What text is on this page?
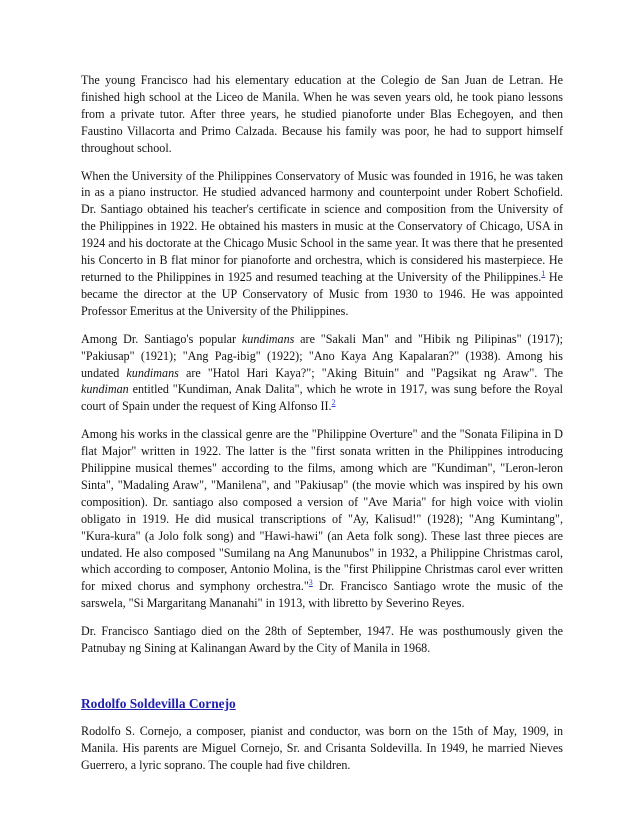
The young Francisco had his elementary education at the Colegio de San Juan de Letran. He finished high school at the Liceo de Manila. When he was seven years old, he took piano lessons from a private tutor. After three years, he studied pianoforte under Blas Echegoyen, and then Faustino Villacorta and Primo Calzada. Because his family was poor, he had to support himself throughout school.

When the University of the Philippines Conservatory of Music was founded in 1916, he was taken in as a piano instructor. He studied advanced harmony and counterpoint under Robert Schofield. Dr. Santiago obtained his teacher's certificate in science and composition from the University of the Philippines in 1922. He obtained his masters in music at the Conservatory of Chicago, USA in 1924 and his doctorate at the Chicago Music School in the same year. It was there that he presented his Concerto in B flat minor for pianoforte and orchestra, which is considered his masterpiece. He returned to the Philippines in 1925 and resumed teaching at the University of the Philippines.$^1$ He became the director at the UP Conservatory of Music from 1930 to 1946. He was appointed Professor Emeritus at the University of the Philippines.

Among Dr. Santiago's popular kundimans are "Sakali Man" and "Hibik ng Pilipinas" (1917); "Pakiusap" (1921); "Ang Pag-ibig" (1922); "Ano Kaya Ang Kapalaran?" (1938). Among his undated kundimans are "Hatol Hari Kaya?"; "Aking Bituin" and "Pagsikat ng Araw". The kundiman entitled "Kundiman, Anak Dalita", which he wrote in 1917, was sung before the Royal court of Spain under the request of King Alfonso II.$^2$

Among his works in the classical genre are the "Philippine Overture" and the "Sonata Filipina in D flat Major" written in 1922. The latter is the "first sonata written in the Philippines introducing Philippine musical themes" according to the films, among which are "Kundiman", "Leron-leron Sinta", "Madaling Araw", "Manilena", and "Pakiusap" (the movie which was inspired by his own composition). Dr. santiago also composed a version of "Ave Maria" for high voice with violin obligato in 1919. He did musical transcriptions of "Ay, Kalisud!" (1928); "Ang Kumintang", "Kura-kura" (a Jolo folk song) and "Hawi-hawi" (an Aeta folk song). These last three pieces are undated. He also composed "Sumilang na Ang Manunubos" in 1932, a Philippine Christmas carol, which according to composer, Antonio Molina, is the "first Philippine Christmas carol ever written for mixed chorus and symphony orchestra."$^3$ Dr. Francisco Santiago wrote the music of the sarswela, "Si Margaritang Mananahi" in 1913, with libretto by Severino Reyes.

Dr. Francisco Santiago died on the 28th of September, 1947. He was posthumously given the Patnubay ng Sining at Kalinangan Award by the City of Manila in 1968.

Rodolfo Soldevilla Cornejo

Rodolfo S. Cornejo, a composer, pianist and conductor, was born on the 15th of May, 1909, in Manila. His parents are Miguel Cornejo, Sr. and Crisanta Soldevilla. In 1949, he married Nieves Guerrero, a lyric soprano. The couple had five children.
